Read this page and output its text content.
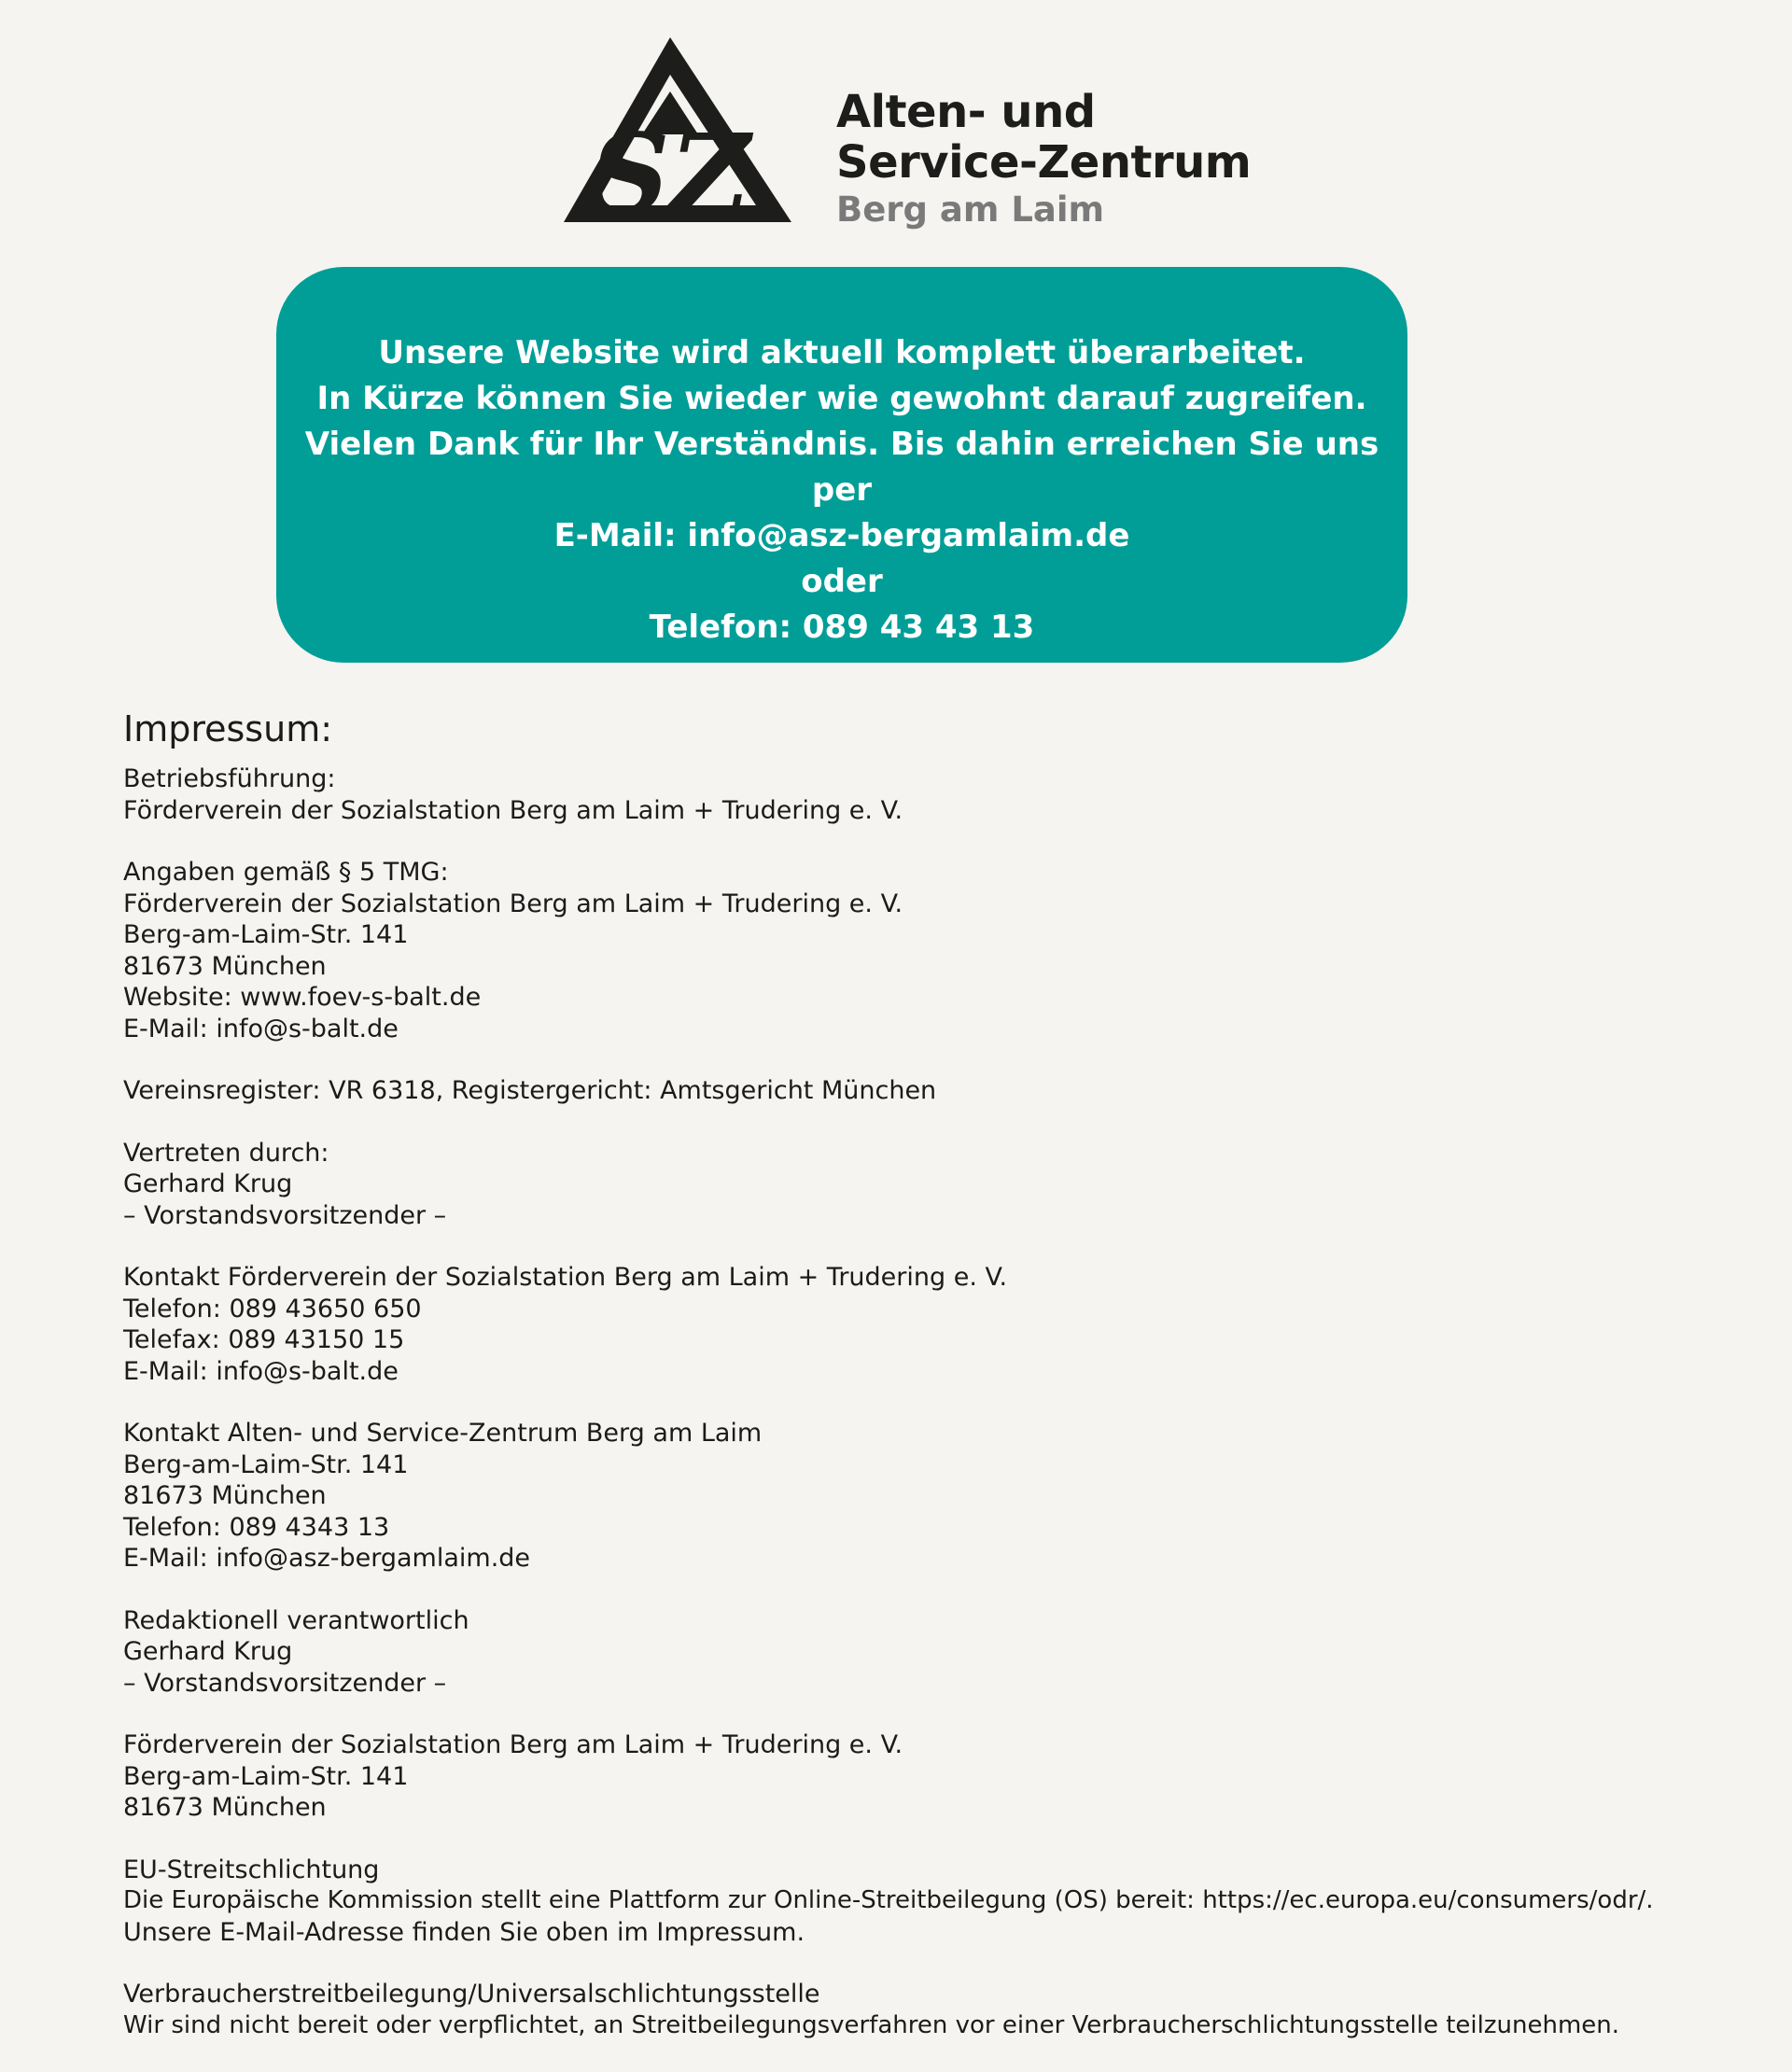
SZ Alten- und
Service-Zentrum
Berg am Laim
Unsere Website wird aktuell komplett überarbeitet.
In Kürze können Sie wieder wie gewohnt darauf zugreifen.
Vielen Dank für Ihr Verständnis. Bis dahin erreichen Sie uns per
E-Mail: info@asz-bergamlaim.de
oder
Telefon: 089 43 43 13
Impressum:
Betriebsführung:
Förderverein der Sozialstation Berg am Laim + Trudering e. V.
Angaben gemäß § 5 TMG:
Förderverein der Sozialstation Berg am Laim + Trudering e. V.
Berg-am-Laim-Str. 141
81673 München
Website: www.foev-s-balt.de
E-Mail: info@s-balt.de
Vereinsregister: VR 6318, Registergericht: Amtsgericht München
Vertreten durch:
Gerhard Krug
– Vorstandsvorsitzender –
Kontakt Förderverein der Sozialstation Berg am Laim + Trudering e. V.
Telefon: 089 43650 650
Telefax: 089 43150 15
E-Mail: info@s-balt.de
Kontakt Alten- und Service-Zentrum Berg am Laim
Berg-am-Laim-Str. 141
81673 München
Telefon: 089 4343 13
E-Mail: info@asz-bergamlaim.de
Redaktionell verantwortlich
Gerhard Krug
– Vorstandsvorsitzender –
Förderverein der Sozialstation Berg am Laim + Trudering e. V.
Berg-am-Laim-Str. 141
81673 München
EU-Streitschlichtung
Die Europäische Kommission stellt eine Plattform zur Online-Streitbeilegung (OS) bereit: https://ec.europa.eu/consumers/odr/.
Unsere E-Mail-Adresse finden Sie oben im Impressum.
Verbraucherstreitbeilegung/Universalschlichtungsstelle
Wir sind nicht bereit oder verpflichtet, an Streitbeilegungsverfahren vor einer Verbraucherschlichtungsstelle teilzunehmen.
